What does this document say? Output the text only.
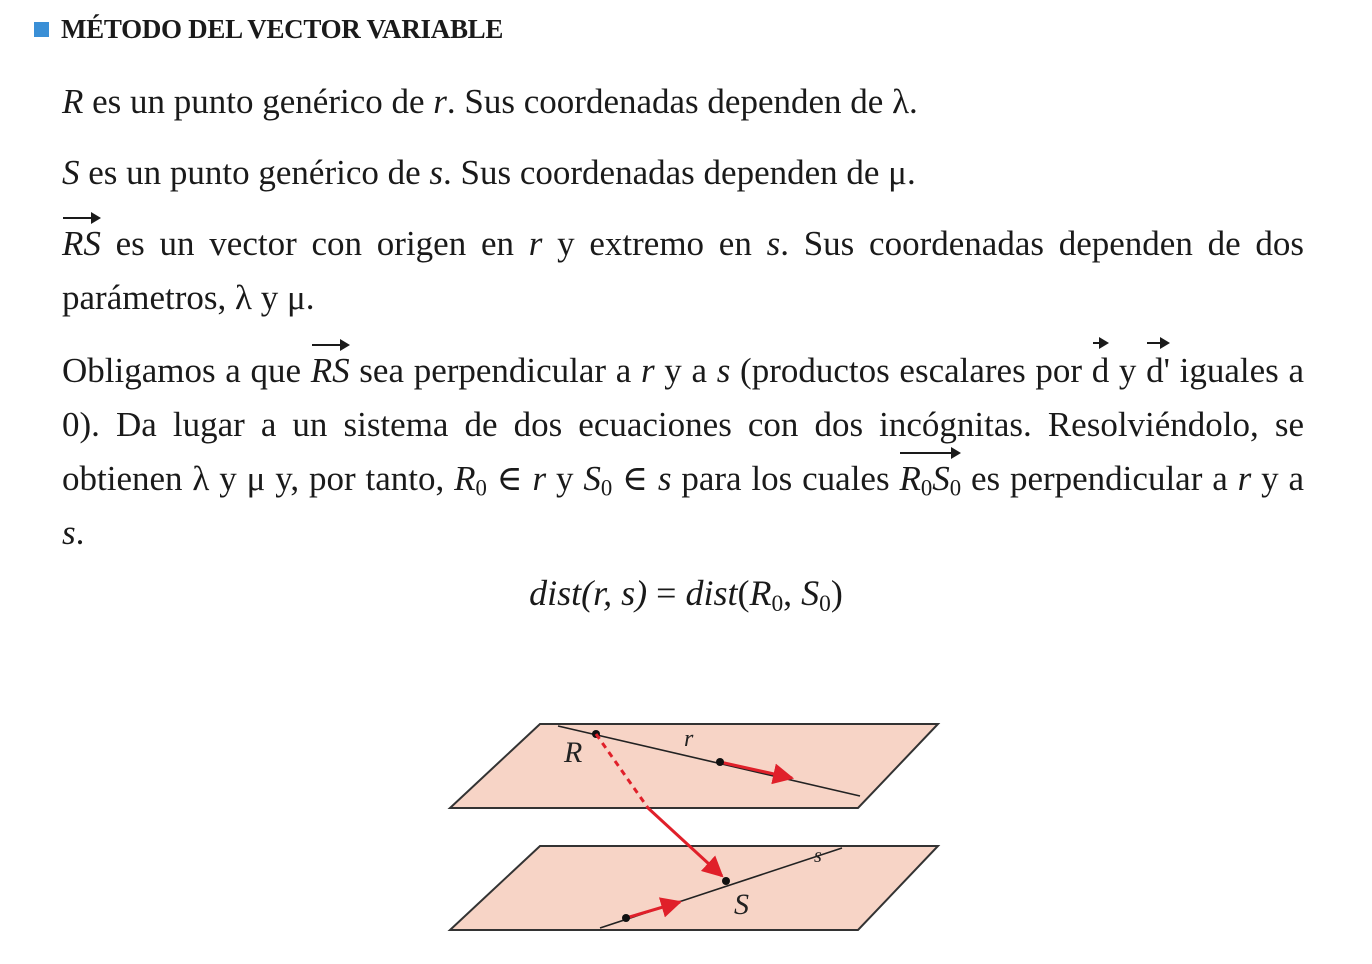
MÉTODO DEL VECTOR VARIABLE

R es un punto genérico de r. Sus coordenadas dependen de λ.

S es un punto genérico de s. Sus coordenadas dependen de μ.

RS es un vector con origen en r y extremo en s. Sus coordenadas dependen de dos parámetros, λ y μ.

Obligamos a que RS sea perpendicular a r y a s (productos escalares por d y d' iguales a 0). Da lugar a un sistema de dos ecuaciones con dos incógnitas. Resolviéndolo, se obtienen λ y μ y, por tanto, $R_0$ ∈ r y $S_0$ ∈ s para los cuales $R_0S_0$ es perpendicular a r y a s.

dist(r, $s) = dist(R_0$, $S_0$)
R	r
S
s
